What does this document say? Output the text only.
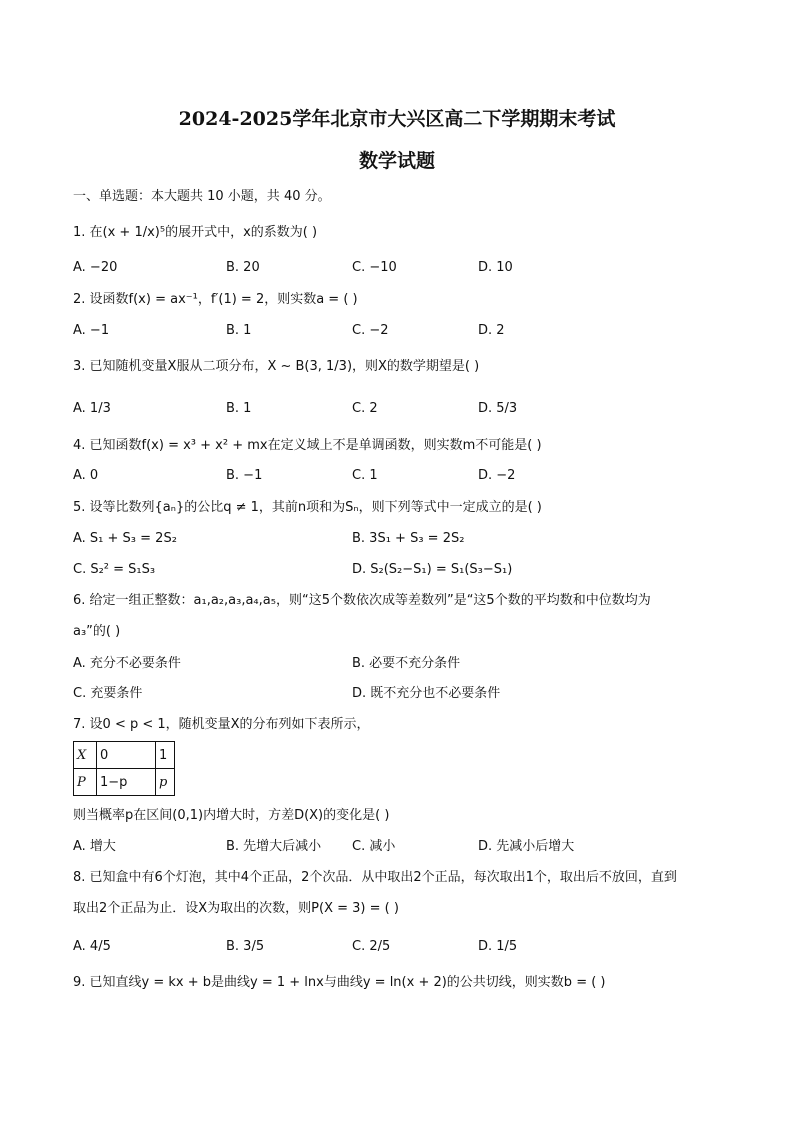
2024-2025学年北京市大兴区高二下学期期末考试
数学试题
一、单选题：本大题共 10 小题，共 40 分。
1. 在(x + 1/x)⁵的展开式中，x的系数为( )
A. −20	B. 20	C. −10	D. 10
2. 设函数f(x) = ax⁻¹，f′(1) = 2，则实数a = ( )
A. −1	B. 1	C. −2	D. 2
3. 已知随机变量X服从二项分布，X ~ B(3, 1/3)，则X的数学期望是( )
A. 1/3	B. 1	C. 2	D. 5/3
4. 已知函数f(x) = x³ + x² + mx在定义域上不是单调函数，则实数m不可能是( )
A. 0	B. −1	C. 1	D. −2
5. 设等比数列{aₙ}的公比q ≠ 1，其前n项和为Sₙ，则下列等式中一定成立的是( )
A. S₁ + S₃ = 2S₂	B. 3S₁ + S₃ = 2S₂
C. S₂² = S₁S₃	D. S₂(S₂−S₁) = S₁(S₃−S₁)
6. 给定一组正整数：a₁,a₂,a₃,a₄,a₅，则“这5个数依次成等差数列”是“这5个数的平均数和中位数均为
a₃”的( )
A. 充分不必要条件	B. 必要不充分条件
C. 充要条件	D. 既不充分也不必要条件
7. 设0 < p < 1，随机变量X的分布列如下表所示，
X	0	1
P	1−p	p
则当概率p在区间(0,1)内增大时，方差D(X)的变化是( )
A. 增大	B. 先增大后减小 C. 减小	D. 先减小后增大
8. 已知盒中有6个灯泡，其中4个正品，2个次品．从中取出2个正品，每次取出1个，取出后不放回，直到
取出2个正品为止．设X为取出的次数，则P(X = 3) = ( )
A. 4/5	B. 3/5	C. 2/5	D. 1/5
9. 已知直线y = kx + b是曲线y = 1 + lnx与曲线y = ln(x + 2)的公共切线，则实数b = ( )
